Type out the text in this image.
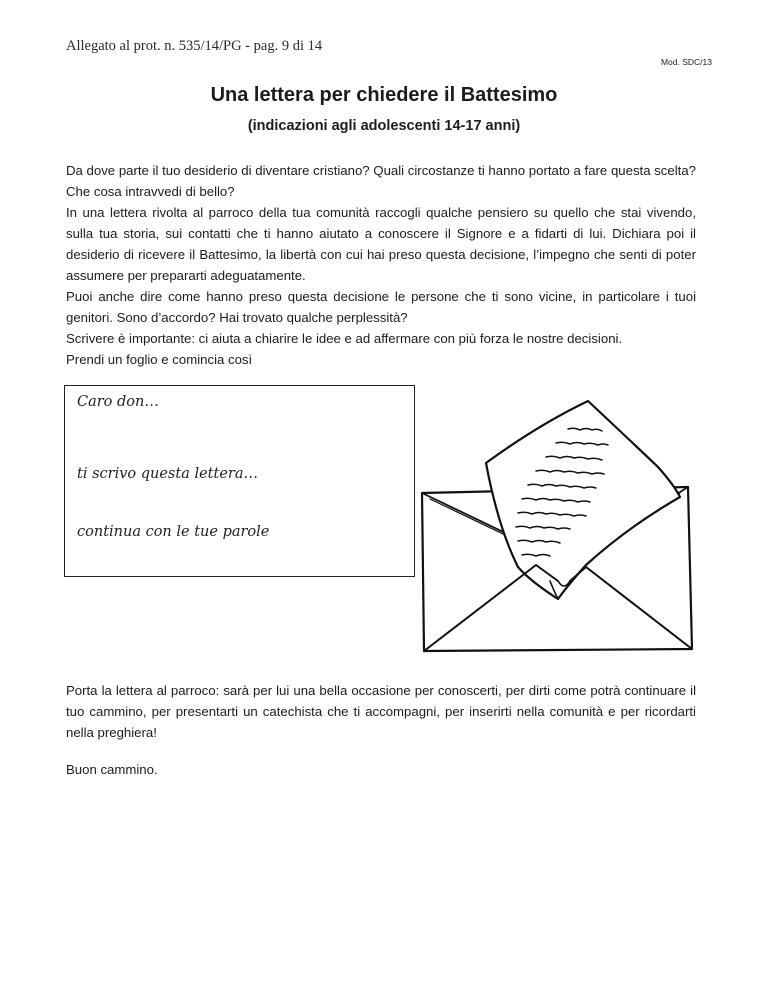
Allegato al prot. n. 535/14/PG - pag. 9 di 14
Mod. SDC/13
Una lettera per chiedere il Battesimo
(indicazioni agli adolescenti 14-17 anni)

Da dove parte il tuo desiderio di diventare cristiano? Quali circostanze ti hanno portato a fare questa scelta? Che cosa intravvedi di bello?

In una lettera rivolta al parroco della tua comunità raccogli qualche pensiero su quello che stai vivendo, sulla tua storia, sui contatti che ti hanno aiutato a conoscere il Signore e a fidarti di lui. Dichiara poi il desiderio di ricevere il Battesimo, la libertà con cui hai preso questa decisione, l’impegno che senti di poter assumere per prepararti adeguatamente.

Puoi anche dire come hanno preso questa decisione le persone che ti sono vicine, in particolare i tuoi genitori. Sono d’accordo? Hai trovato qualche perplessità?

Scrivere è importante: ci aiuta a chiarire le idee e ad affermare con più forza le nostre decisioni.

Prendi un foglio e comincia così

Caro don…
ti scrivo questa lettera…
continua con le tue parole
Porta la lettera al parroco: sarà per lui una bella occasione per conoscerti, per dirti come potrà continuare il tuo cammino, per presentarti un catechista che ti accompagni, per inserirti nella comunità e per ricordarti nella preghiera!
Buon cammino.
